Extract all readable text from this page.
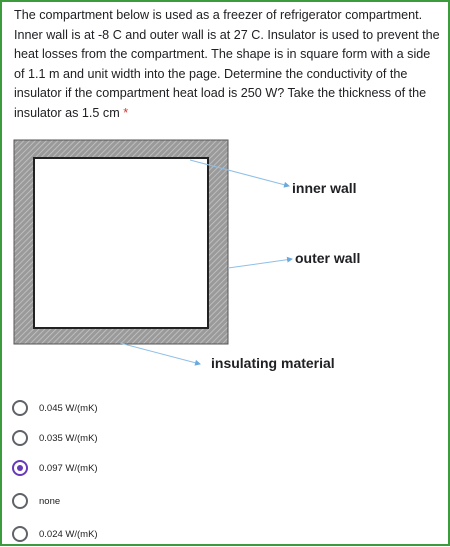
The compartment below is used as a freezer of refrigerator compartment. Inner wall is at -8 C and outer wall is at 27 C. Insulator is used to prevent the heat losses from the compartment. The shape is in square form with a side of 1.1 m and unit width into the page. Determine the conductivity of the insulator if the compartment heat load is 250 W? Take the thickness of the insulator as 1.5 cm *

inner wall
outer wall
insulating material
0.045 W/(mK)
0.035 W/(mK)
0.097 W/(mK)
none
0.024 W/(mK)
